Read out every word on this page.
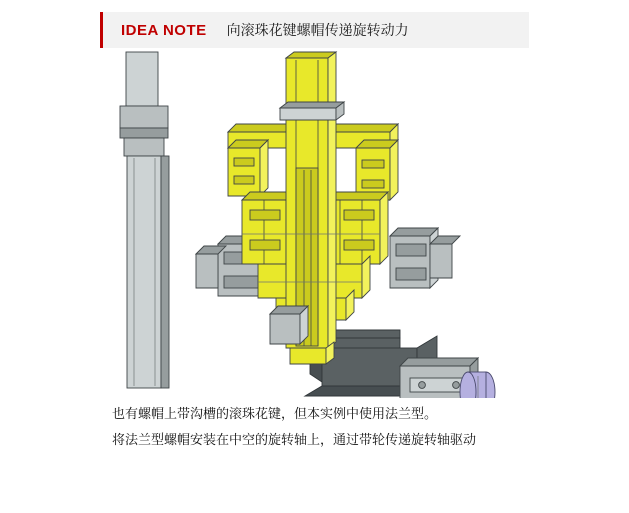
IDEA NOTE 向滚珠花键螺帽传递旋转动力
也有螺帽上带沟槽的滚珠花键，但本实例中使用法兰型。
将法兰型螺帽安装在中空的旋转轴上，通过带轮传递旋转轴驱动
